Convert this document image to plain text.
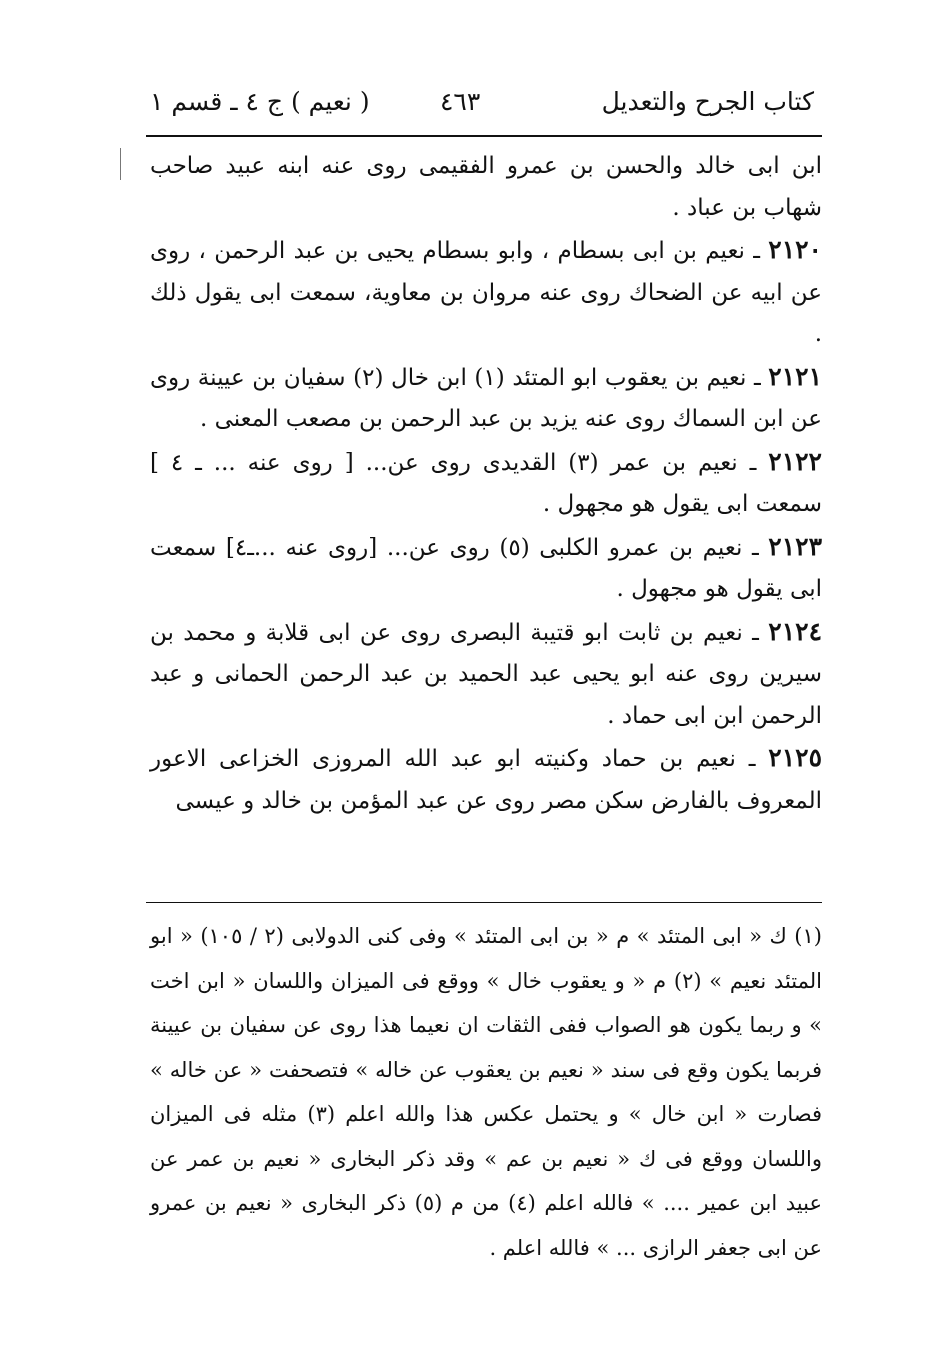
كتاب الجرح والتعديل
٤٦٣
( نعيم ) ج ٤ ـ قسم ١

ابن ابى خالد والحسن بن عمرو الفقيمى روى عنه ابنه عبيد صاحب شهاب بن عباد .

٢١٢٠ ـ نعيم بن ابى بسطام ، وابو بسطام يحيى بن عبد الرحمن ، روى عن ابيه عن الضحاك روى عنه مروان بن معاوية، سمعت ابى يقول ذلك .

٢١٢١ ـ نعيم بن يعقوب ابو المتئد (١) ابن خال (٢) سفيان بن عيينة روى عن ابن السماك روى عنه يزيد بن عبد الرحمن بن مصعب المعنى .

٢١٢٢ ـ نعيم بن عمر (٣) القديدى روى عن... [ روى عنه ... ـ ٤ ] سمعت ابى يقول هو مجهول .

٢١٢٣ ـ نعيم بن عمرو الكلبى (٥) روى عن... [روى عنه ...ـ٤] سمعت ابى يقول هو مجهول .

٢١٢٤ ـ نعيم بن ثابت ابو قتيبة البصرى روى عن ابى قلابة و محمد بن سيرين روى عنه ابو يحيى عبد الحميد بن عبد الرحمن الحمانى و عبد الرحمن ابن ابى حماد .

٢١٢٥ ـ نعيم بن حماد وكنيته ابو عبد الله المروزى الخزاعى الاعور المعروف بالفارض سكن مصر روى عن عبد المؤمن بن خالد و عيسى

(١) ك « ابى المتئد » م « بن ابى المتئد » وفى كنى الدولابى (٢ / ١٠٥) « ابو المتئد نعيم » (٢) م « و يعقوب خال » ووقع فى الميزان واللسان « ابن اخت » و ربما يكون هو الصواب ففى الثقات ان نعيما هذا روى عن سفيان بن عيينة فربما يكون وقع فى سند « نعيم بن يعقوب عن خاله » فتصحفت « عن خاله » فصارت « ابن خال » و يحتمل عكس هذا والله اعلم (٣) مثله فى الميزان واللسان ووقع فى ك « نعيم بن عم » وقد ذكر البخارى « نعيم بن عمر عن عبيد ابن عمير .... » فالله اعلم (٤) من م (٥) ذكر البخارى « نعيم بن عمرو عن ابى جعفر الرازى ... » فالله اعلم .
